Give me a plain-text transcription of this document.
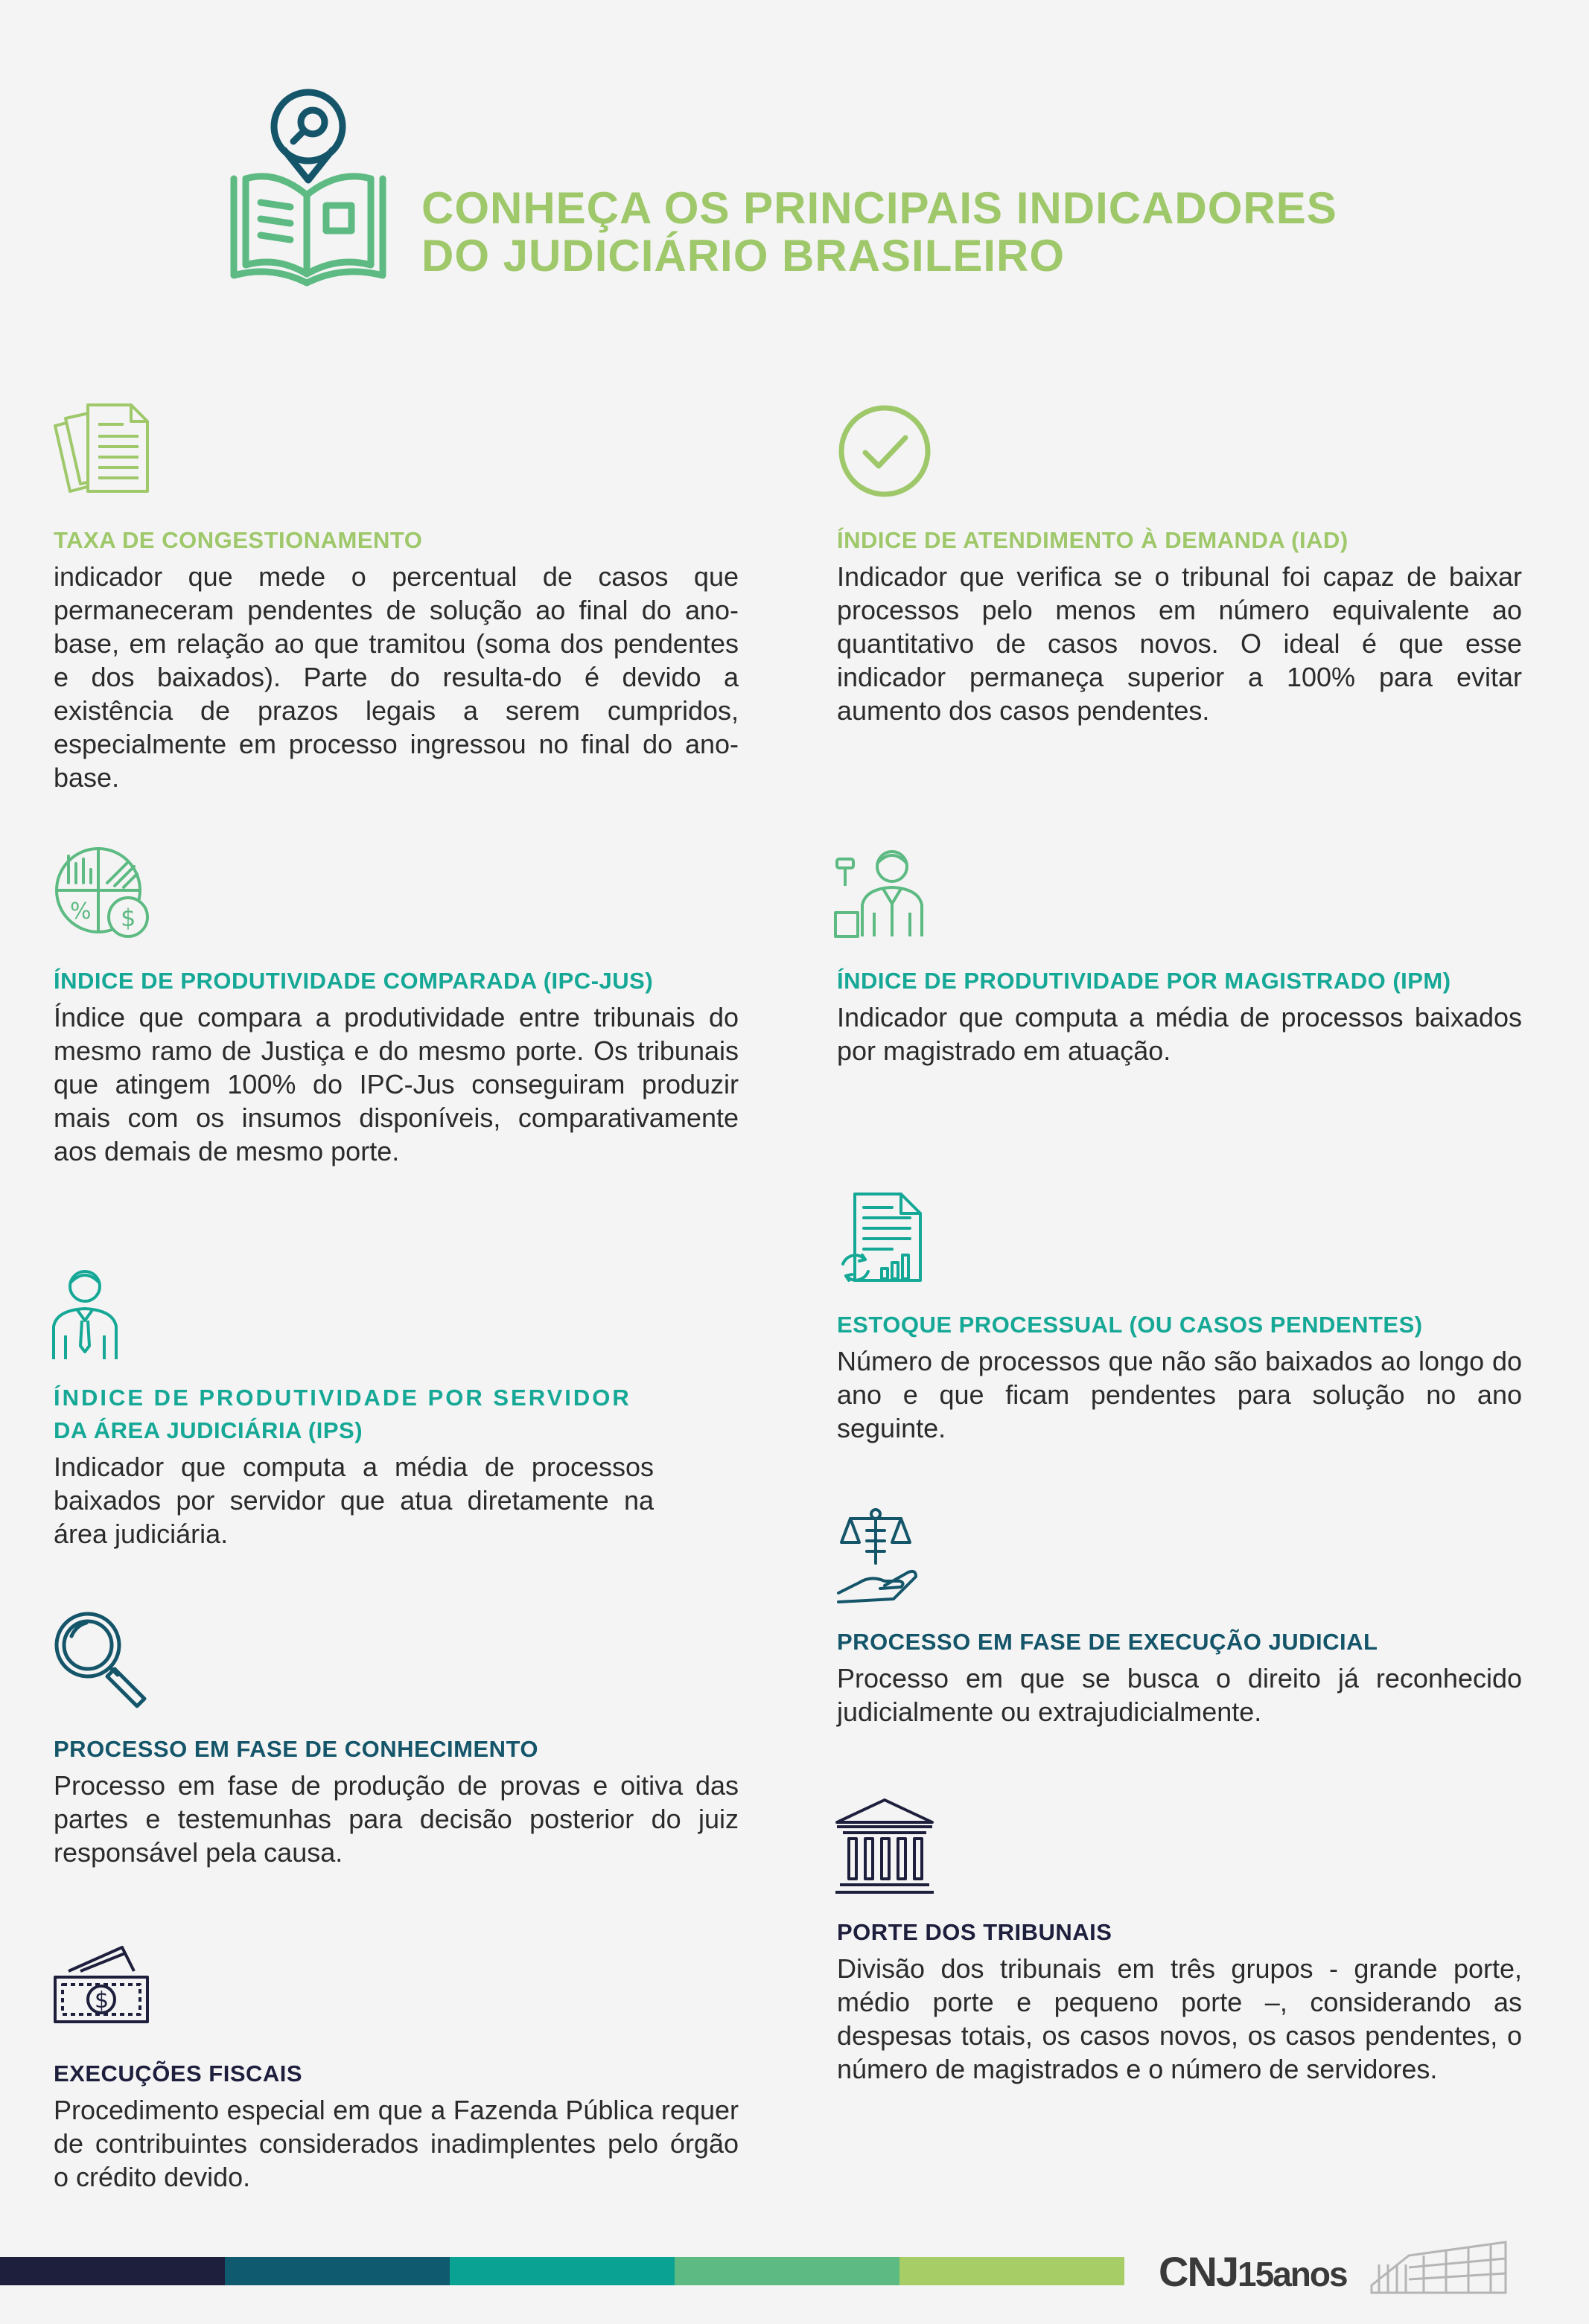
CONHEÇA OS PRINCIPAIS INDICADORES
DO JUDICIÁRIO BRASILEIRO
TAXA DE CONGESTIONAMENTO

indicador que mede o percentual de casos que permaneceram pendentes de solução ao final do ano-base, em relação ao que tramitou (soma dos pendentes e dos baixados). Parte do resulta-do é devido a existência de prazos legais a serem cumpridos, especialmente em processo ingressou no final do ano-base.

ÍNDICE DE ATENDIMENTO À DEMANDA (IAD)

Indicador que verifica se o tribunal foi capaz de baixar processos pelo menos em número equivalente ao quantitativo de casos novos. O ideal é que esse indicador permaneça superior a 100% para evitar aumento dos casos pendentes.

% $
ÍNDICE DE PRODUTIVIDADE COMPARADA (IPC-JUS)

Índice que compara a produtividade entre tribunais do mesmo ramo de Justiça e do mesmo porte. Os tribunais que atingem 100% do IPC-Jus conseguiram produzir mais com os insumos disponíveis, comparativamente aos demais de mesmo porte.

ÍNDICE DE PRODUTIVIDADE POR MAGISTRADO (IPM)

Indicador que computa a média de processos baixados por magistrado em atuação.

ESTOQUE PROCESSUAL (OU CASOS PENDENTES)

Número de processos que não são baixados ao longo do ano e que ficam pendentes para solução no ano seguinte.

ÍNDICE DE PRODUTIVIDADE POR SERVIDOR
DA ÁREA JUDICIÁRIA (IPS)

Indicador que computa a média de processos baixados por servidor que atua diretamente na área judiciária.

PROCESSO EM FASE DE EXECUÇÃO JUDICIAL

Processo em que se busca o direito já reconhecido judicialmente ou extrajudicialmente.

PROCESSO EM FASE DE CONHECIMENTO

Processo em fase de produção de provas e oitiva das partes e testemunhas para decisão posterior do juiz responsável pela causa.

PORTE DOS TRIBUNAIS

Divisão dos tribunais em três grupos - grande porte, médio porte e pequeno porte –, considerando as despesas totais, os casos novos, os casos pendentes, o número de magistrados e o número de servidores.

$
EXECUÇÕES FISCAIS

Procedimento especial em que a Fazenda Pública requer de contribuintes considerados inadimplentes pelo órgão o crédito devido.

CNJ15anos
